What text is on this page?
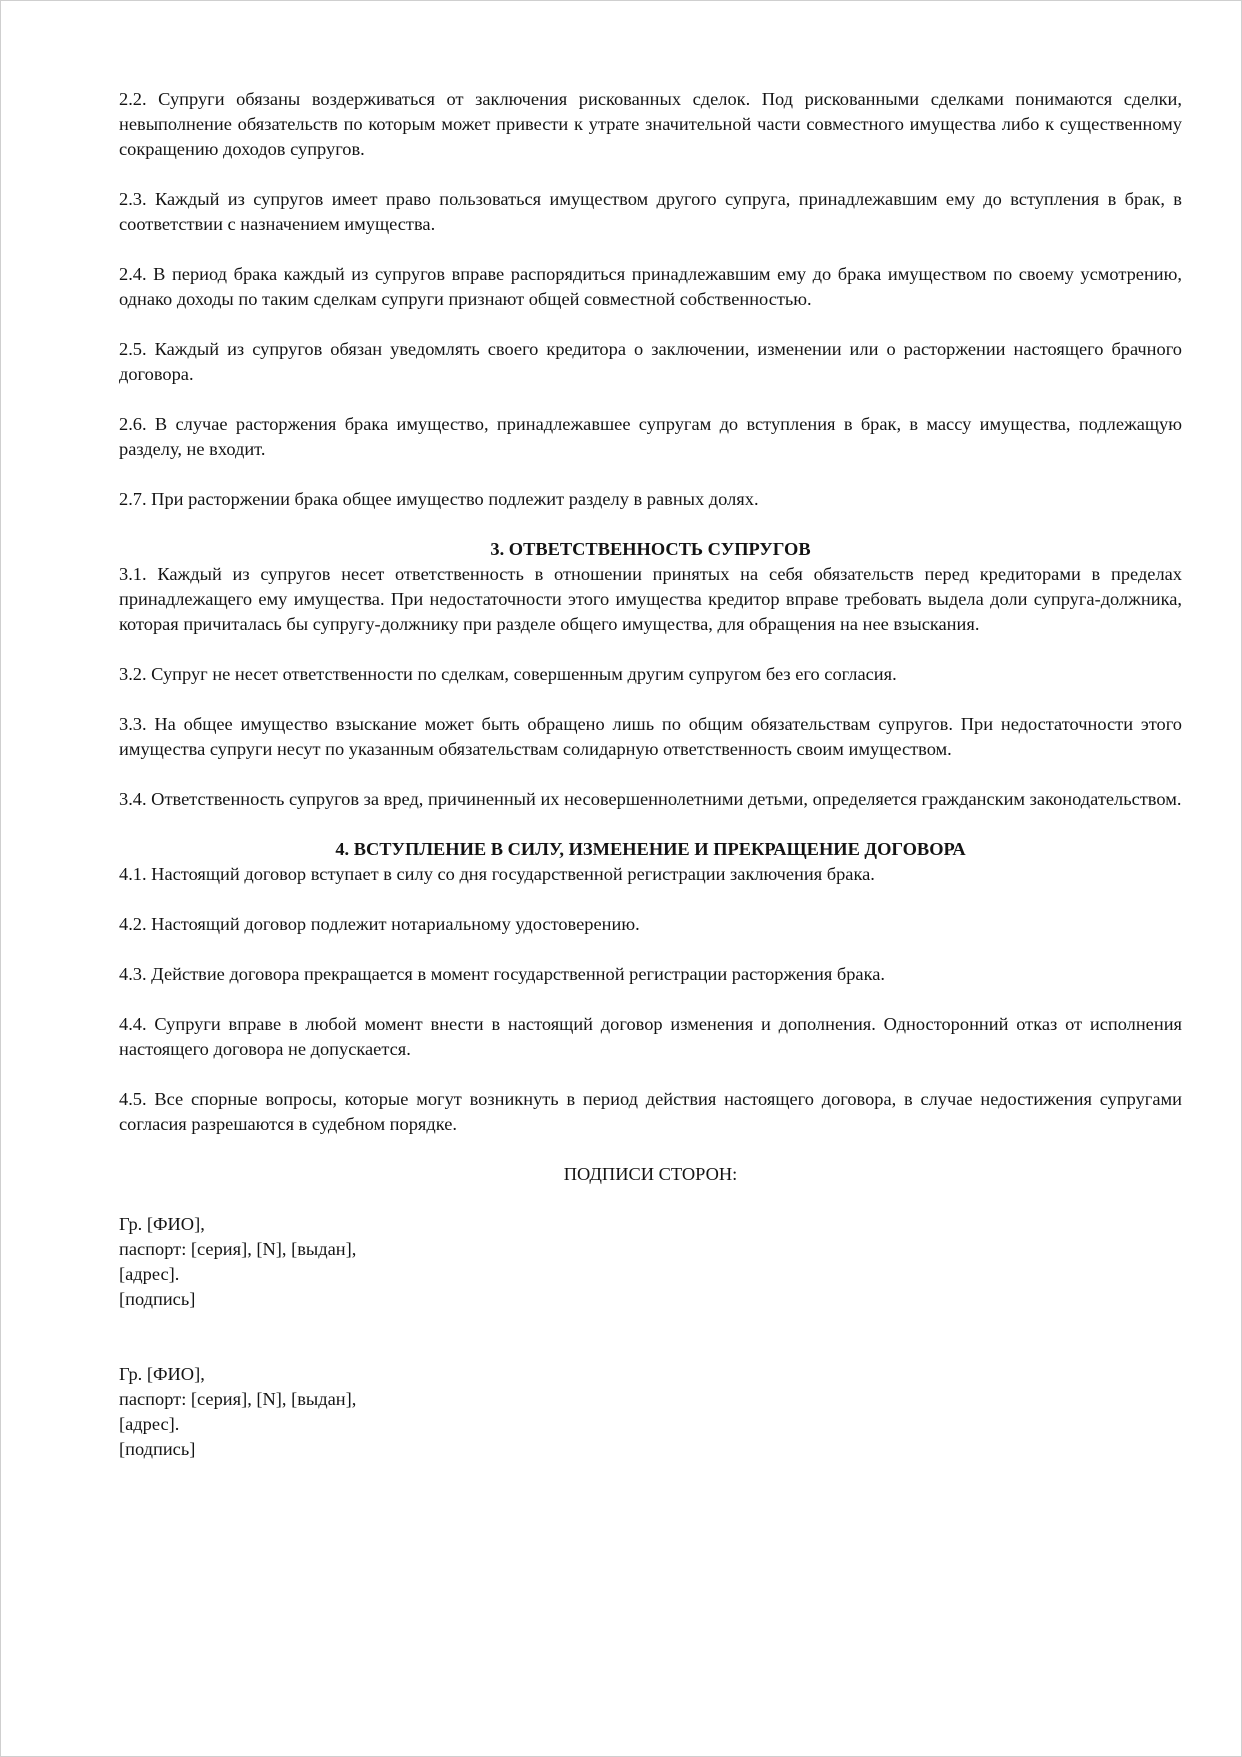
2.2. Супруги обязаны воздерживаться от заключения рискованных сделок. Под рискованными сделками понимаются сделки, невыполнение обязательств по которым может привести к утрате значительной части совместного имущества либо к существенному сокращению доходов супругов.

2.3. Каждый из супругов имеет право пользоваться имуществом другого супруга, принадлежавшим ему до вступления в брак, в соответствии с назначением имущества.

2.4. В период брака каждый из супругов вправе распорядиться принадлежавшим ему до брака имуществом по своему усмотрению, однако доходы по таким сделкам супруги признают общей совместной собственностью.

2.5. Каждый из супругов обязан уведомлять своего кредитора о заключении, изменении или о расторжении настоящего брачного договора.

2.6. В случае расторжения брака имущество, принадлежавшее супругам до вступления в брак, в массу имущества, подлежащую разделу, не входит.

2.7. При расторжении брака общее имущество подлежит разделу в равных долях.

3. ОТВЕТСТВЕННОСТЬ СУПРУГОВ

3.1. Каждый из супругов несет ответственность в отношении принятых на себя обязательств перед кредиторами в пределах принадлежащего ему имущества. При недостаточности этого имущества кредитор вправе требовать выдела доли супруга-должника, которая причиталась бы супругу-должнику при разделе общего имущества, для обращения на нее взыскания.

3.2. Супруг не несет ответственности по сделкам, совершенным другим супругом без его согласия.

3.3. На общее имущество взыскание может быть обращено лишь по общим обязательствам супругов. При недостаточности этого имущества супруги несут по указанным обязательствам солидарную ответственность своим имуществом.

3.4. Ответственность супругов за вред, причиненный их несовершеннолетними детьми, определяется гражданским законодательством.

4. ВСТУПЛЕНИЕ В СИЛУ, ИЗМЕНЕНИЕ И ПРЕКРАЩЕНИЕ ДОГОВОРА

4.1. Настоящий договор вступает в силу со дня государственной регистрации заключения брака.

4.2. Настоящий договор подлежит нотариальному удостоверению.

4.3. Действие договора прекращается в момент государственной регистрации расторжения брака.

4.4. Супруги вправе в любой момент внести в настоящий договор изменения и дополнения. Односторонний отказ от исполнения настоящего договора не допускается.

4.5. Все спорные вопросы, которые могут возникнуть в период действия настоящего договора, в случае недостижения супругами согласия разрешаются в судебном порядке.

ПОДПИСИ СТОРОН:

Гр. [ФИО],
паспорт: [серия], [N], [выдан],
[адрес].
[подпись]
Гр. [ФИО],
паспорт: [серия], [N], [выдан],
[адрес].
[подпись]
